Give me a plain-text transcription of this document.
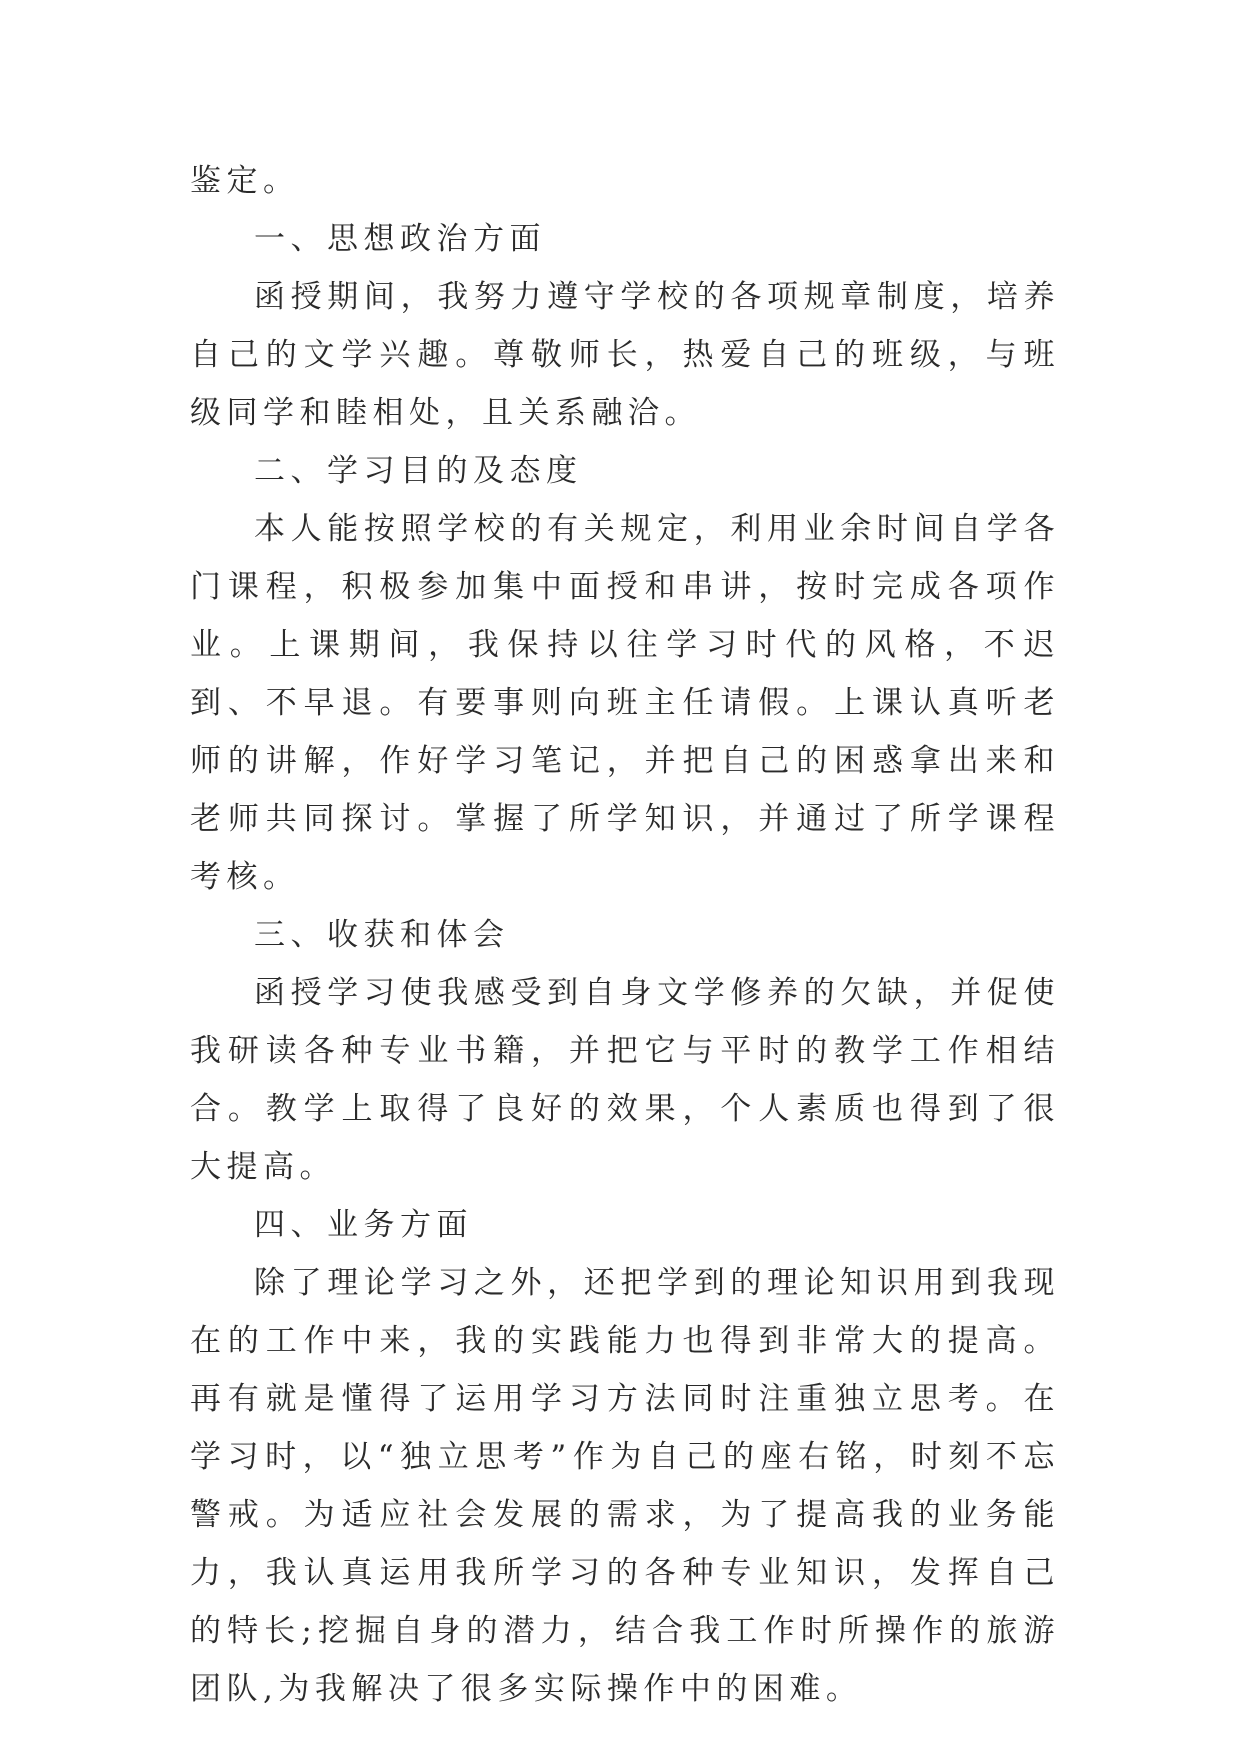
鉴定。

一、思想政治方面

函授期间，我努力遵守学校的各项规章制度，培养自己的文学兴趣。尊敬师长，热爱自己的班级，与班级同学和睦相处，且关系融洽。

二、学习目的及态度

本人能按照学校的有关规定，利用业余时间自学各门课程，积极参加集中面授和串讲，按时完成各项作业。上课期间，我保持以往学习时代的风格，不迟到、不早退。有要事则向班主任请假。上课认真听老师的讲解，作好学习笔记，并把自己的困惑拿出来和老师共同探讨。掌握了所学知识，并通过了所学课程考核。

三、收获和体会

函授学习使我感受到自身文学修养的欠缺，并促使我研读各种专业书籍，并把它与平时的教学工作相结合。教学上取得了良好的效果，个人素质也得到了很大提高。

四、业务方面

除了理论学习之外，还把学到的理论知识用到我现在的工作中来，我的实践能力也得到非常大的提高。再有就是懂得了运用学习方法同时注重独立思考。在学习时，以“独立思考”作为自己的座右铭，时刻不忘警戒。为适应社会发展的需求，为了提高我的业务能力，我认真运用我所学习的各种专业知识，发挥自己的特长;挖掘自身的潜力，结合我工作时所操作的旅游团队,为我解决了很多实际操作中的困难。
